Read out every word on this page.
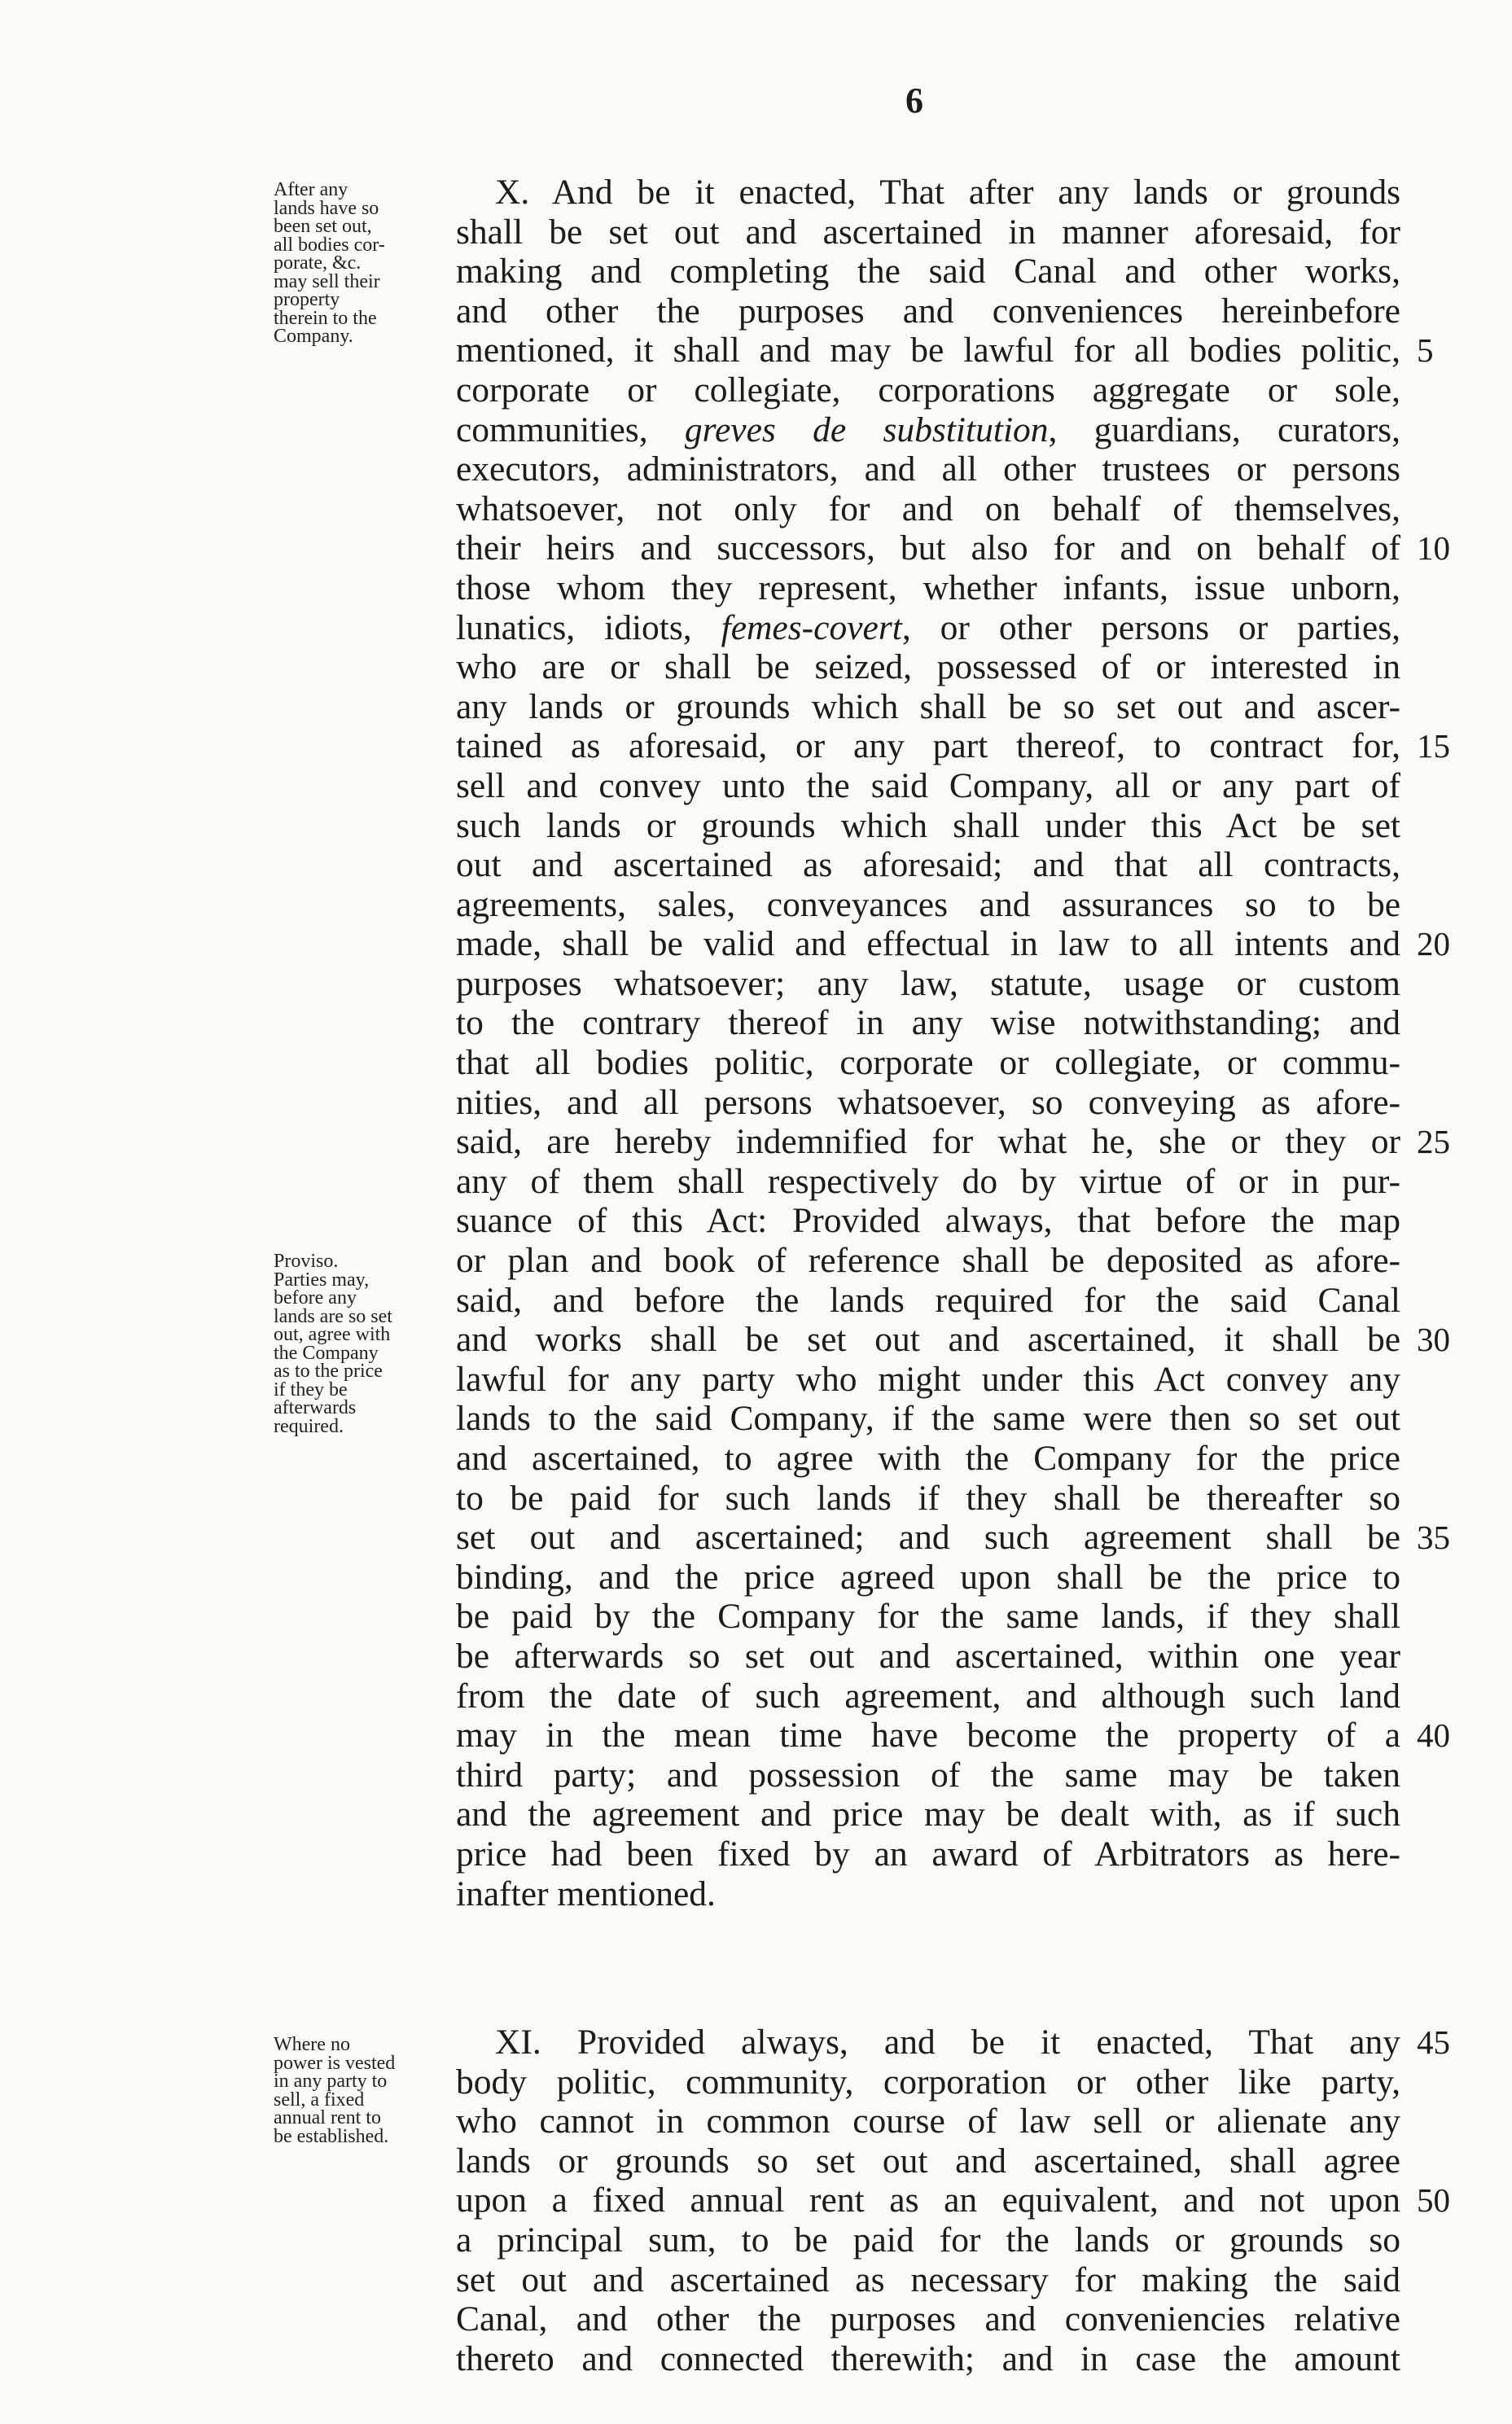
6
After any
lands have so
been set out,
all bodies cor-
porate, &c.
may sell their
property
therein to the
Company.
Proviso.
Parties may,
before any
lands are so set
out, agree with
the Company
as to the price
if they be
afterwards
required.
Where no
power is vested
in any party to
sell, a fixed
annual rent to
be established.
X. And be it enacted, That after any lands or grounds
shall be set out and ascertained in manner aforesaid, for
making and completing the said Canal and other works,
and other the purposes and conveniences hereinbefore
mentioned, it shall and may be lawful for all bodies politic,
corporate or collegiate, corporations aggregate or sole,
communities, greves de substitution, guardians, curators,
executors, administrators, and all other trustees or persons
whatsoever, not only for and on behalf of themselves,
their heirs and successors, but also for and on behalf of
those whom they represent, whether infants, issue unborn,
lunatics, idiots, femes-covert, or other persons or parties,
who are or shall be seized, possessed of or interested in
any lands or grounds which shall be so set out and ascer-
tained as aforesaid, or any part thereof, to contract for,
sell and convey unto the said Company, all or any part of
such lands or grounds which shall under this Act be set
out and ascertained as aforesaid; and that all contracts,
agreements, sales, conveyances and assurances so to be
made, shall be valid and effectual in law to all intents and
purposes whatsoever; any law, statute, usage or custom
to the contrary thereof in any wise notwithstanding; and
that all bodies politic, corporate or collegiate, or commu-
nities, and all persons whatsoever, so conveying as afore-
said, are hereby indemnified for what he, she or they or
any of them shall respectively do by virtue of or in pur-
suance of this Act: Provided always, that before the map
or plan and book of reference shall be deposited as afore-
said, and before the lands required for the said Canal
and works shall be set out and ascertained, it shall be
lawful for any party who might under this Act convey any
lands to the said Company, if the same were then so set out
and ascertained, to agree with the Company for the price
to be paid for such lands if they shall be thereafter so
set out and ascertained; and such agreement shall be
binding, and the price agreed upon shall be the price to
be paid by the Company for the same lands, if they shall
be afterwards so set out and ascertained, within one year
from the date of such agreement, and although such land
may in the mean time have become the property of a
third party; and possession of the same may be taken
and the agreement and price may be dealt with, as if such
price had been fixed by an award of Arbitrators as here-
inafter mentioned.
XI. Provided always, and be it enacted, That any
body politic, community, corporation or other like party,
who cannot in common course of law sell or alienate any
lands or grounds so set out and ascertained, shall agree
upon a fixed annual rent as an equivalent, and not upon
a principal sum, to be paid for the lands or grounds so
set out and ascertained as necessary for making the said
Canal, and other the purposes and conveniencies relative
thereto and connected therewith; and in case the amount
5
10
15
20
25
30
35
40
45
50
